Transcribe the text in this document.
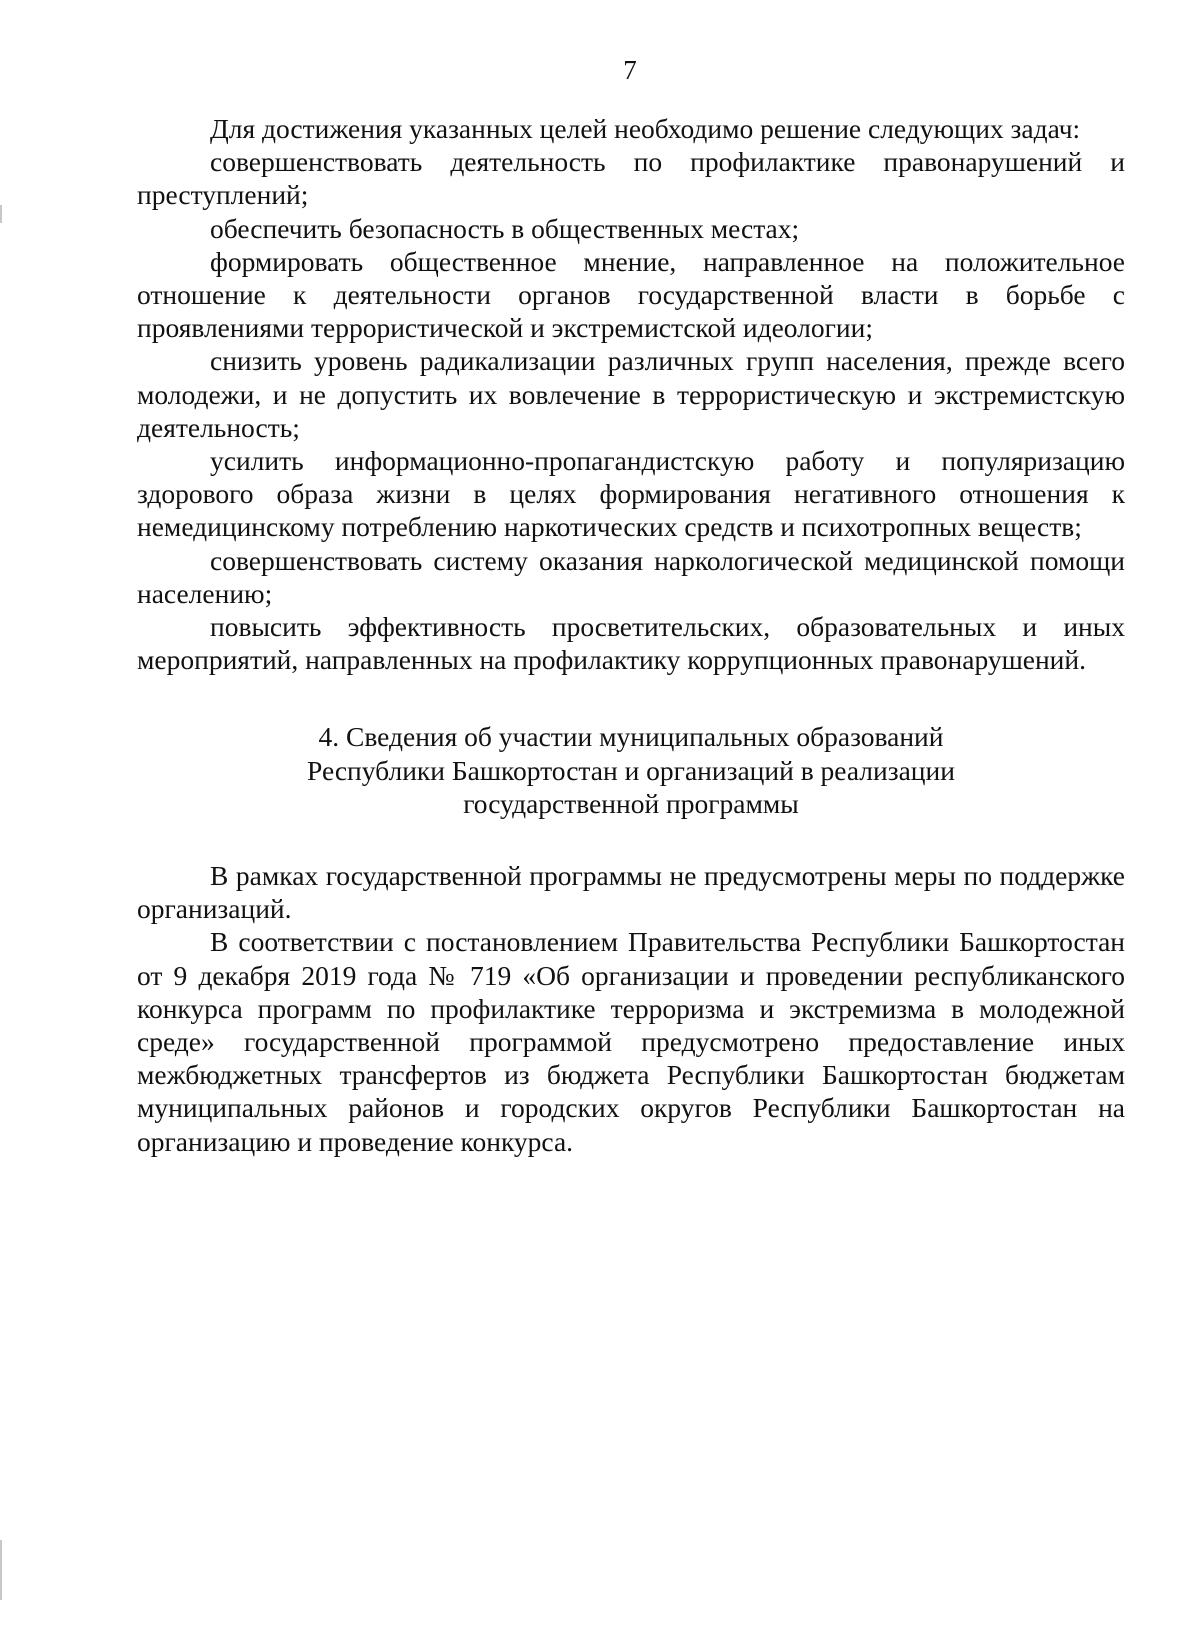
7

Для достижения указанных целей необходимо решение следующих задач:

совершенствовать деятельность по профилактике правонарушений и преступлений;

обеспечить безопасность в общественных местах;

формировать общественное мнение, направленное на положительное отношение к деятельности органов государственной власти в борьбе с проявлениями террористической и экстремистской идеологии;

снизить уровень радикализации различных групп населения, прежде всего молодежи, и не допустить их вовлечение в террористическую и экстремистскую деятельность;

усилить информационно-пропагандистскую работу и популяризацию здорового образа жизни в целях формирования негативного отношения к немедицинскому потреблению наркотических средств и психотропных веществ;

совершенствовать систему оказания наркологической медицинской помощи населению;

повысить эффективность просветительских, образовательных и иных мероприятий, направленных на профилактику коррупционных правонарушений.

4. Сведения об участии муниципальных образований
Республики Башкортостан и организаций в реализации
государственной программы

В рамках государственной программы не предусмотрены меры по поддержке организаций.

В соответствии с постановлением Правительства Республики Башкортостан от 9 декабря 2019 года № 719 «Об организации и проведении республиканского конкурса программ по профилактике терроризма и экстремизма в молодежной среде» государственной программой предусмотрено предоставление иных межбюджетных трансфертов из бюджета Республики Башкортостан бюджетам муниципальных районов и городских округов Республики Башкортостан на организацию и проведение конкурса.
